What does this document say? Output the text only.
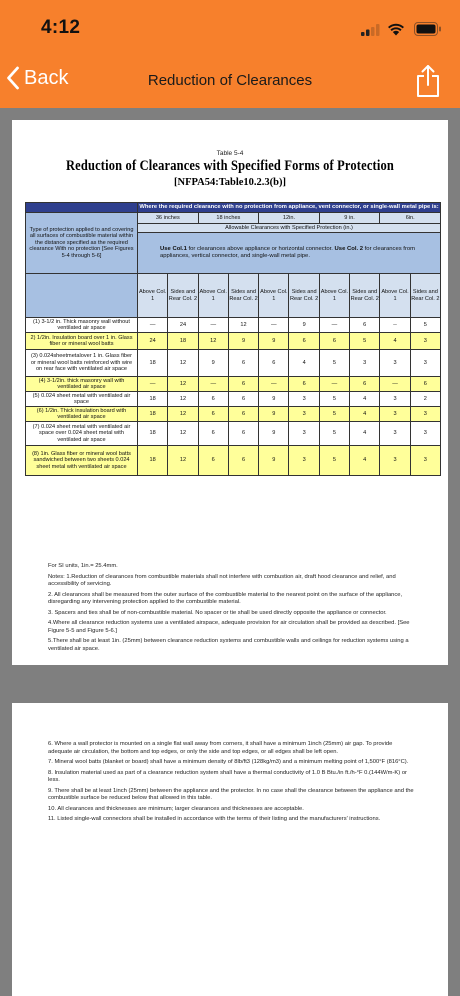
4:12
Back	Reduction of Clearances
Table 5-4
Reduction of Clearances with Specified Forms of Protection
[NFPA54:Table10.2.3(b)]
	Where the required clearance with no protection from appliance, vent connector, or single-wall metal pipe is:									
Type of protection applied to and covering all surfaces of combustible material within the distance specified as the required clearance With no protection [See Figures 5-4 through 5-6]	36 inches		18 inches		12in.		9 in.		6in.	
	Allowable Clearances with Specified Protection (in.)									
	Use Col.1 for clearances above appliance or horizontal connector. Use Col. 2 for clearances from appliances, vertical connector, and single-wall metal pipe.									
	Above Col. 1	Sides and Rear Col. 2	Above Col. 1	Sides and Rear Col. 2	Above Col. 1	Sides and Rear Col. 2	Above Col. 1	Sides and Rear Col. 2	Above Col. 1	Sides and Rear Col. 2
(1) 3-1/2 in. Thick masonry wall without ventilated air space	—	24	—	12	—	9	—	6	--	5
2) 1/2in. Insulation board over 1 in. Glass fiber or mineral wool batts	24	18	12	9	9	6	6	5	4	3
(3) 0.024sheetmetalover 1 in. Glass fiber or mineral wool batts reinforced with wire on rear face with ventilated air space	18	12	9	6	6	4	5	3	3	3
(4) 3-1/2in. thick masonry wall with ventilated air space	—	12	—	6	—	6	—	6	—	6
(5) 0.024 sheet metal with ventilated air space	18	12	6	6	9	3	5	4	3	2
(6) 1/2in. Thick insulation board with ventilated air space	18	12	6	6	9	3	5	4	3	3
(7) 0.024 sheet metal with ventilated air space over 0.024 sheet metal with ventilated air space	18	12	6	6	9	3	5	4	3	3
(8) 1in. Glass fiber or mineral wool batts sandwiched between two sheets 0.024 sheet metal with ventilated air space	18	12	6	6	9	3	5	4	3	3

For SI units, 1in.= 25.4mm.

Notes: 1.Reduction of clearances from combustible materials shall not interfere with combustion air, draft hood clearance and relief, and accessibility of servicing.

2. All clearances shall be measured from the outer surface of the combustible material to the nearest point on the surface of the appliance, disregarding any intervening protection applied to the combustible material.

3. Spacers and ties shall be of non-combustible material. No spacer or tie shall be used directly opposite the appliance or connector.

4.Where all clearance reduction systems use a ventilated airspace, adequate provision for air circulation shall be provided as described. [See Figure 5-5 and Figure 5-6.]

5.There shall be at least 1in. (25mm) between clearance reduction systems and combustible walls and ceilings for reduction systems using a ventilated air space.

6. Where a wall protector is mounted on a single flat wall away from corners, it shall have a minimum 1inch (25mm) air gap. To provide adequate air circulation, the bottom and top edges, or only the side and top edges, or all edges shall be left open.

7. Mineral wool batts (blanket or board) shall have a minimum density of 8lb/ft3 (128kg/m3) and a minimum melting point of 1,500°F (816°C).

8. Insulation material used as part of a clearance reduction system shall have a thermal conductivity of 1.0 B Btu./in ft./h-°F 0.(144W/m-K) or less.

9. There shall be at least 1inch (25mm) between the appliance and the protector. In no case shall the clearance between the appliance and the combustible surface be reduced below that allowed in this table.

10. All clearances and thicknesses are minimum; larger clearances and thicknesses are acceptable.

11. Listed single-wall connectors shall be installed in accordance with the terms of their listing and the manufacturers' instructions.
